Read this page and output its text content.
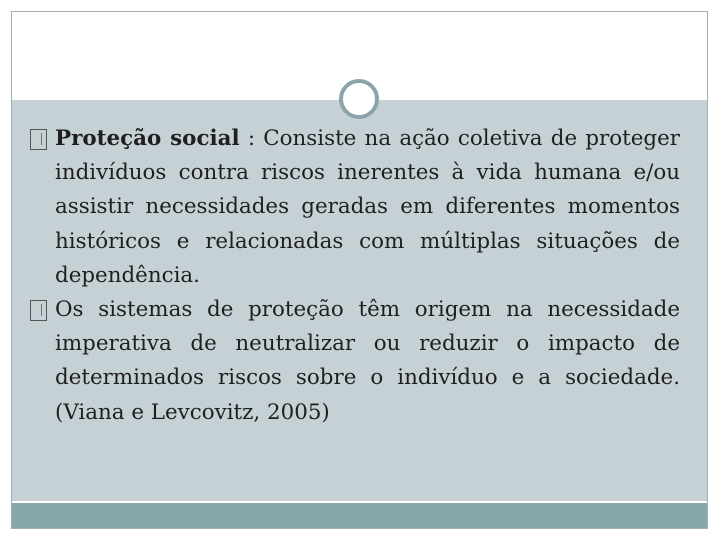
Proteção social : Consiste na ação coletiva de proteger indivíduos contra riscos inerentes à vida humana e/ou assistir necessidades geradas em diferentes momentos históricos e relacionadas com múltiplas situações de dependência.

Os sistemas de proteção têm origem na necessidade imperativa de neutralizar ou reduzir o impacto de determinados riscos sobre o indivíduo e a sociedade. (Viana e Levcovitz, 2005)
